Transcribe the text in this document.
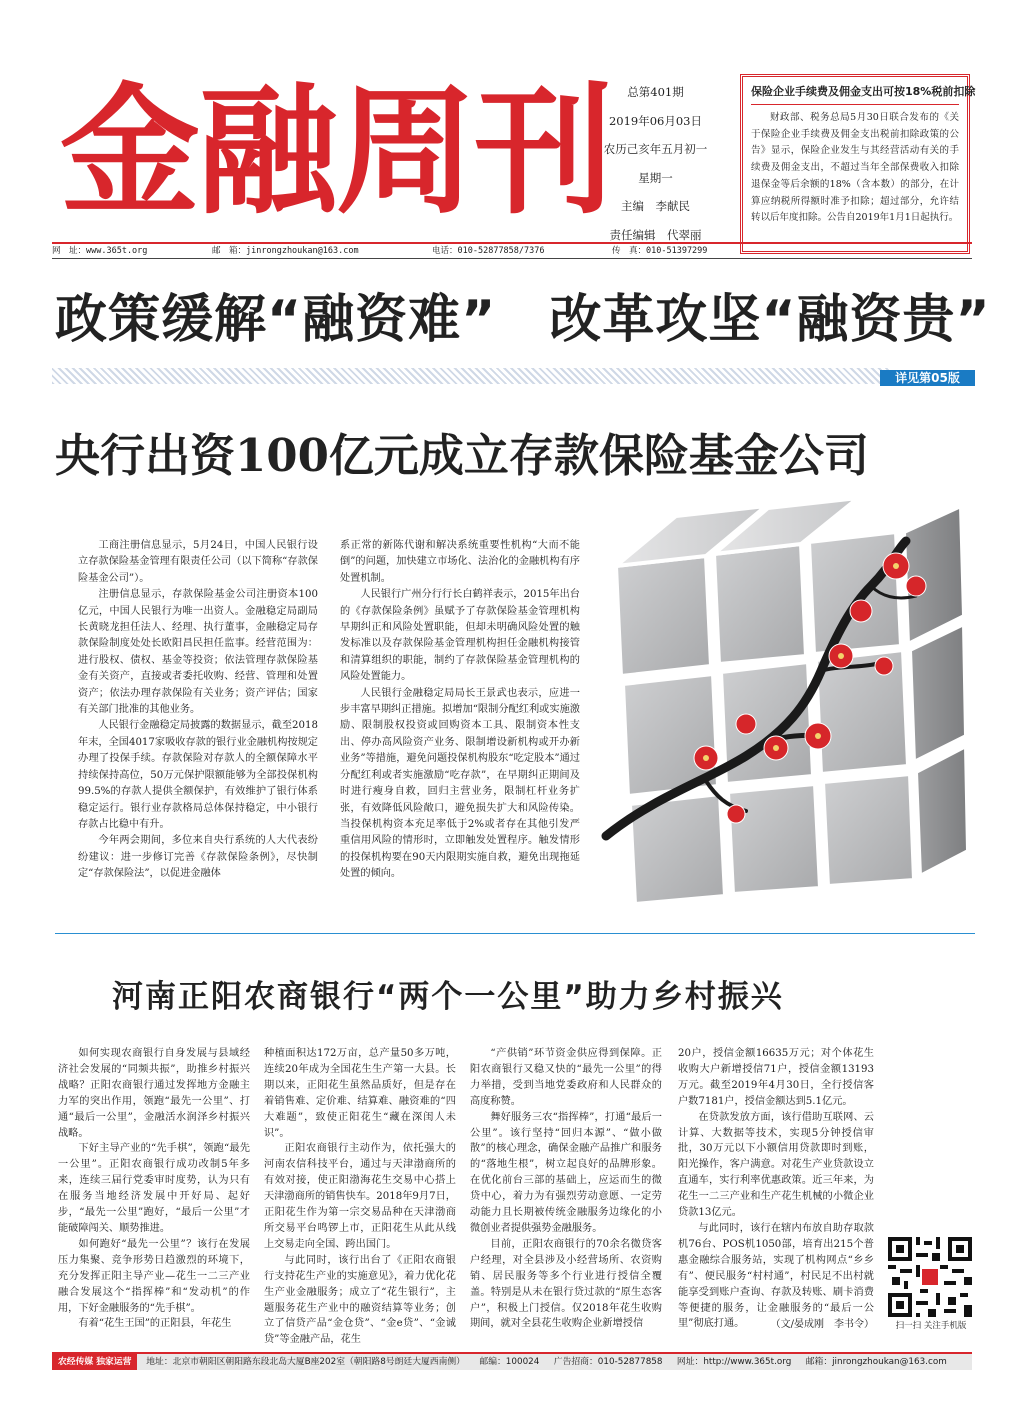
金融周刊	总第401期
2019年06月03日
农历己亥年五月初一
星期一
主编　李献民
责任编辑　代翠丽
保险企业手续费及佣金支出可按18%税前扣除
财政部、税务总局5月30日联合发布的《关于保险企业手续费及佣金支出税前扣除政策的公告》显示，保险企业发生与其经营活动有关的手续费及佣金支出，不超过当年全部保费收入扣除退保金等后余额的18%（含本数）的部分，在计算应纳税所得额时准予扣除；超过部分，允许结转以后年度扣除。公告自2019年1月1日起执行。
网　址：www.365t.org	邮　箱：jinrongzhoukan@163.com	电话：010-52877858/7376	传　真：010-51397299
政策缓解“融资难”　改革攻坚“融资贵”
详见第05版
央行出资100亿元成立存款保险基金公司

工商注册信息显示，5月24日，中国人民银行设立存款保险基金管理有限责任公司（以下简称“存款保险基金公司”）。

注册信息显示，存款保险基金公司注册资本100亿元，中国人民银行为唯一出资人。金融稳定局副局长黄晓龙担任法人、经理、执行董事，金融稳定局存款保险制度处处长欧阳昌民担任监事。经营范围为：进行股权、债权、基金等投资；依法管理存款保险基金有关资产，直接或者委托收购、经营、管理和处置资产；依法办理存款保险有关业务；资产评估；国家有关部门批准的其他业务。

人民银行金融稳定局披露的数据显示，截至2018年末，全国4017家吸收存款的银行业金融机构按规定办理了投保手续。存款保险对存款人的全额保障水平持续保持高位，50万元保护限额能够为全部投保机构99.5%的存款人提供全额保护，有效维护了银行体系稳定运行。银行业存款格局总体保持稳定，中小银行存款占比稳中有升。

今年两会期间，多位来自央行系统的人大代表纷纷建议：进一步修订完善《存款保险条例》，尽快制定“存款保险法”，以促进金融体

系正常的新陈代谢和解决系统重要性机构“大而不能倒”的问题，加快建立市场化、法治化的金融机构有序处置机制。

人民银行广州分行行长白鹤祥表示，2015年出台的《存款保险条例》虽赋予了存款保险基金管理机构早期纠正和风险处置职能，但却未明确风险处置的触发标准以及存款保险基金管理机构担任金融机构接管和清算组织的职能，制约了存款保险基金管理机构的风险处置能力。

人民银行金融稳定局局长王景武也表示，应进一步丰富早期纠正措施。拟增加“限制分配红利或实施激励、限制股权投资或回购资本工具、限制资本性支出、停办高风险资产业务、限制增设新机构或开办新业务”等措施，避免问题投保机构股东“吃定股本”通过分配红利或者实施激励“吃存款”，在早期纠正期间及时进行瘦身自救，回归主营业务，限制杠杆业务扩张，有效降低风险敞口，避免损失扩大和风险传染。当投保机构资本充足率低于2%或者存在其他引发严重信用风险的情形时，立即触发处置程序。触发情形的投保机构要在90天内限期实施自救，避免出现拖延处置的倾向。

河南正阳农商银行“两个一公里”助力乡村振兴

如何实现农商银行自身发展与县域经济社会发展的“同频共振”，助推乡村振兴战略？正阳农商银行通过发挥地方金融主力军的突出作用，领跑“最先一公里”、打通“最后一公里”，金融活水润泽乡村振兴战略。

下好主导产业的“先手棋”，领跑“最先一公里”。正阳农商银行成功改制5年多来，连续三届行党委审时度势，认为只有在服务当地经济发展中开好局、起好步，“最先一公里”跑好，“最后一公里”才能破障闯关、顺势推进。

如何跑好“最先一公里”？该行在发展压力集聚、竞争形势日趋激烈的环境下，充分发挥正阳主导产业—花生一二三产业融合发展这个“指挥棒”和“发动机”的作用，下好金融服务的“先手棋”。

有着“花生王国”的正阳县，年花生

种植面积达172万亩，总产量50多万吨，连续20年成为全国花生生产第一大县。长期以来，正阳花生虽然品质好，但是存在着销售难、定价难、结算难、融资难的“四大难题”，致使正阳花生“藏在深闺人未识”。

正阳农商银行主动作为，依托强大的河南农信科技平台，通过与天津渤商所的有效对接，使正阳渤海花生交易中心搭上天津渤商所的销售快车。2018年9月7日，正阳花生作为第一宗交易品种在天津渤商所交易平台鸣锣上市，正阳花生从此从线上交易走向全国、跨出国门。

与此同时，该行出台了《正阳农商银行支持花生产业的实施意见》，着力优化花生产业金融服务；成立了“花生银行”，主题服务花生产业中的融资结算等业务；创立了信贷产品“金仓贷”、“金e贷”、“金诚贷”等金融产品，花生

“产供销”环节资金供应得到保障。正阳农商银行又稳又快的“最先一公里”的得力举措，受到当地党委政府和人民群众的高度称赞。

舞好服务三农“指挥棒”，打通“最后一公里”。该行坚持“回归本源”、“做小做散”的核心理念，确保金融产品推广和服务的“落地生根”，树立起良好的品牌形象。在优化前台三部的基础上，应运而生的微贷中心，着力为有强烈劳动意愿、一定劳动能力且长期被传统金融服务边缘化的小微创业者提供强势金融服务。

目前，正阳农商银行的70余名微贷客户经理，对全县涉及小经营场所、农资购销、居民服务等多个行业进行授信全覆盖。特别是从未在银行贷过款的“原生态客户”，积极上门授信。仅2018年花生收购期间，就对全县花生收购企业新增授信

20户，授信金额16635万元；对个体花生收购大户新增授信71户，授信金额13193万元。截至2019年4月30日，全行授信客户数7181户，授信金额达到5.1亿元。

在贷款发放方面，该行借助互联网、云计算、大数据等技术，实现5分钟授信审批，30万元以下小额信用贷款即时到账，阳光操作，客户满意。对花生产业贷款设立直通车，实行利率优惠政策。近三年来，为花生一二三产业和生产花生机械的小微企业贷款13亿元。

与此同时，该行在辖内布放自助存取款机76台、POS机1050部，培育出215个普惠金融综合服务站，实现了机构网点“乡乡有”、便民服务“村村通”，村民足不出村就能享受到账户查询、存款及转账、刷卡消费等便捷的服务，让金融服务的“最后一公里”彻底打通。	扫一扫 关注手机版
（文/晏成刚　李书令）
农经传媒 独家运营 地址：北京市朝阳区朝阳路东段北岛大厦B座202室（朝阳路8号朗廷大厦西南侧） 　 邮编：100024 　 广告招商：010-52877858 　 网址：http://www.365t.org 　 邮箱：jinrongzhoukan@163.com
